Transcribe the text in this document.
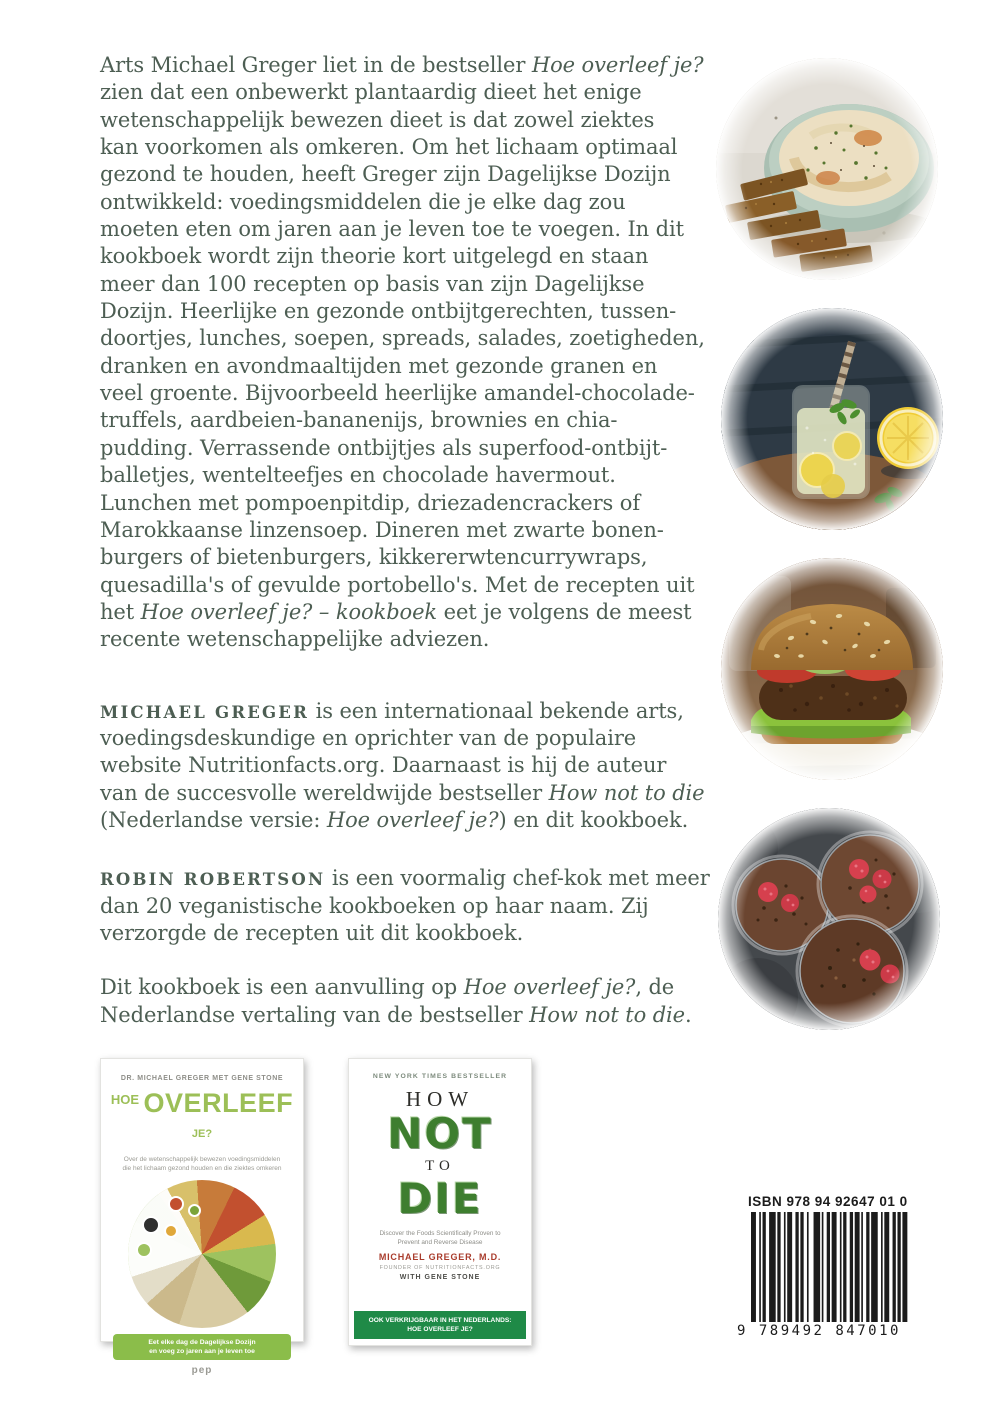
Arts Michael Greger liet in de bestseller Hoe overleef je?
zien dat een onbewerkt plantaardig dieet het enige
wetenschappelijk bewezen dieet is dat zowel ziektes
kan voorkomen als omkeren. Om het lichaam optimaal
gezond te houden, heeft Greger zijn Dagelijkse Dozijn
ontwikkeld: voedingsmiddelen die je elke dag zou
moeten eten om jaren aan je leven toe te voegen. In dit
kookboek wordt zijn theorie kort uitgelegd en staan
meer dan 100 recepten op basis van zijn Dagelijkse
Dozijn. Heerlijke en gezonde ontbijtgerechten, tussen-
doortjes, lunches, soepen, spreads, salades, zoetigheden,
dranken en avondmaaltijden met gezonde granen en
veel groente. Bijvoorbeeld heerlijke amandel-chocolade-
truffels, aardbeien-bananenijs, brownies en chia-
pudding. Verrassende ontbijtjes als superfood-ontbijt-
balletjes, wentelteefjes en chocolade havermout.
Lunchen met pompoenpitdip, driezadencrackers of
Marokkaanse linzensoep. Dineren met zwarte bonen-
burgers of bietenburgers, kikkererwtencurrywraps,
quesadilla's of gevulde portobello's. Met de recepten uit
het Hoe overleef je? – kookboek eet je volgens de meest
recente wetenschappelijke adviezen.
MICHAEL GREGER is een internationaal bekende arts,
voedingsdeskundige en oprichter van de populaire
website Nutritionfacts.org. Daarnaast is hij de auteur
van de succesvolle wereldwijde bestseller How not to die
(Nederlandse versie: Hoe overleef je?) en dit kookboek.
ROBIN ROBERTSON is een voormalig chef-kok met meer
dan 20 veganistische kookboeken op haar naam. Zij
verzorgde de recepten uit dit kookboek.
Dit kookboek is een aanvulling op Hoe overleef je?, de
Nederlandse vertaling van de bestseller How not to die.
DR. MICHAEL GREGER MET GENE STONE
$^{HOE}$ OVERLEEF $^{JE?}$
Over de wetenschappelijk bewezen voedingsmiddelen
die het lichaam gezond houden en die ziektes omkeren
Eet elke dag de Dagelijkse Dozijn
en voeg zo jaren aan je leven toe
pep
NEW YORK TIMES BESTSELLER
HOW
NOT
TO
DIE
Discover the Foods Scientifically Proven to
Prevent and Reverse Disease
MICHAEL GREGER, M.D.
FOUNDER OF NUTRITIONFACTS.ORG
WITH GENE STONE
OOK VERKRIJGBAAR IN HET NEDERLANDS:
HOE OVERLEEF JE?
ISBN 978 94 92647 01 0
9 789492 847010
